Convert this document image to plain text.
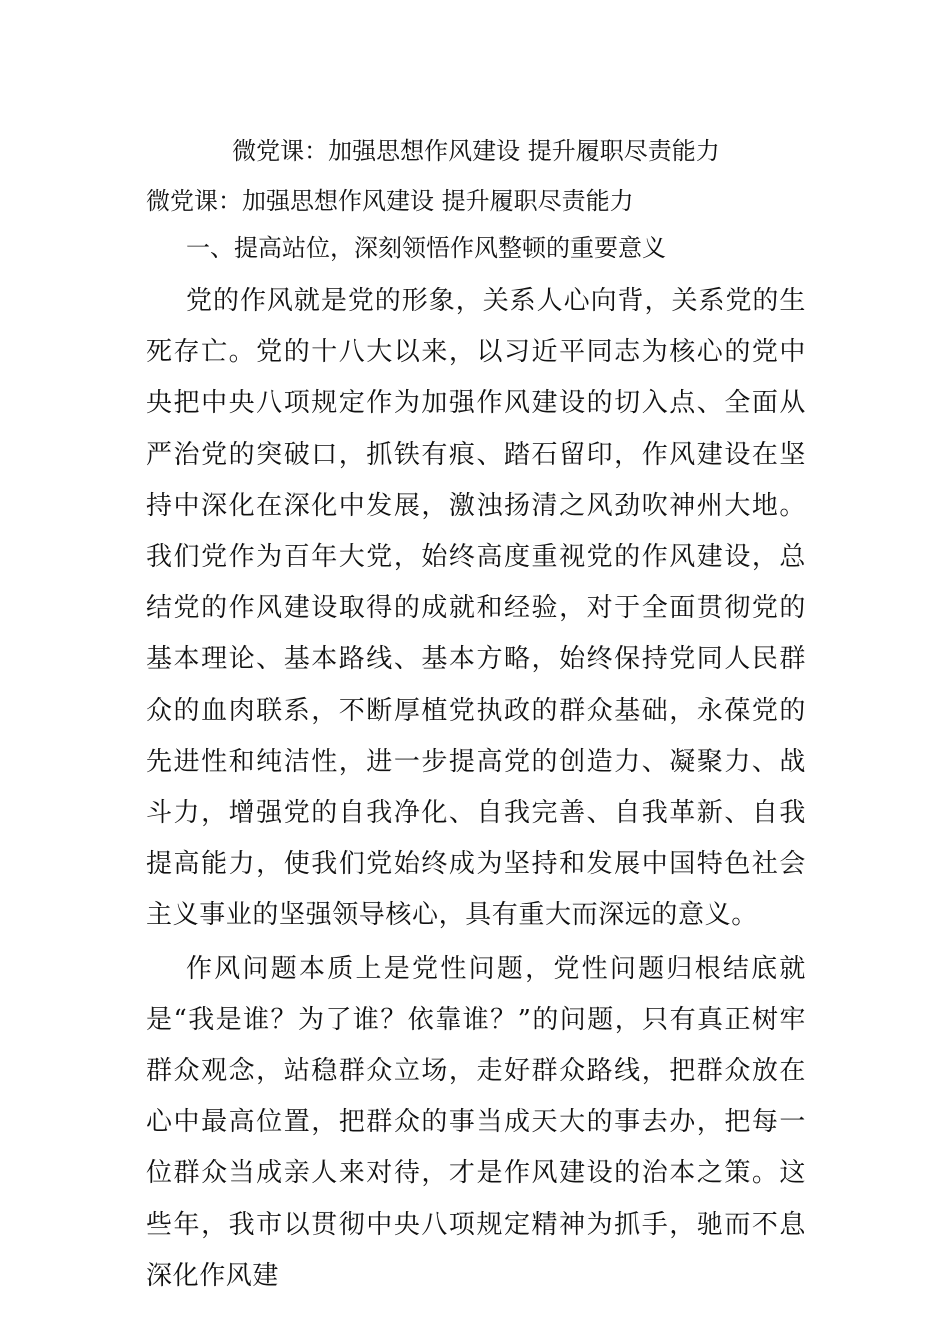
微党课：加强思想作风建设 提升履职尽责能力
微党课：加强思想作风建设 提升履职尽责能力
一、提高站位，深刻领悟作风整顿的重要意义

党的作风就是党的形象，关系人心向背，关系党的生死存亡。党的十八大以来，以习近平同志为核心的党中央把中央八项规定作为加强作风建设的切入点、全面从严治党的突破口，抓铁有痕、踏石留印，作风建设在坚持中深化在深化中发展，激浊扬清之风劲吹神州大地。我们党作为百年大党，始终高度重视党的作风建设，总结党的作风建设取得的成就和经验，对于全面贯彻党的基本理论、基本路线、基本方略，始终保持党同人民群众的血肉联系，不断厚植党执政的群众基础，永葆党的先进性和纯洁性，进一步提高党的创造力、凝聚力、战斗力，增强党的自我净化、自我完善、自我革新、自我提高能力，使我们党始终成为坚持和发展中国特色社会主义事业的坚强领导核心，具有重大而深远的意义。

作风问题本质上是党性问题，党性问题归根结底就是“我是谁？为了谁？依靠谁？”的问题，只有真正树牢群众观念，站稳群众立场，走好群众路线，把群众放在心中最高位置，把群众的事当成天大的事去办，把每一位群众当成亲人来对待，才是作风建设的治本之策。这些年，我市以贯彻中央八项规定精神为抓手，驰而不息深化作风建
